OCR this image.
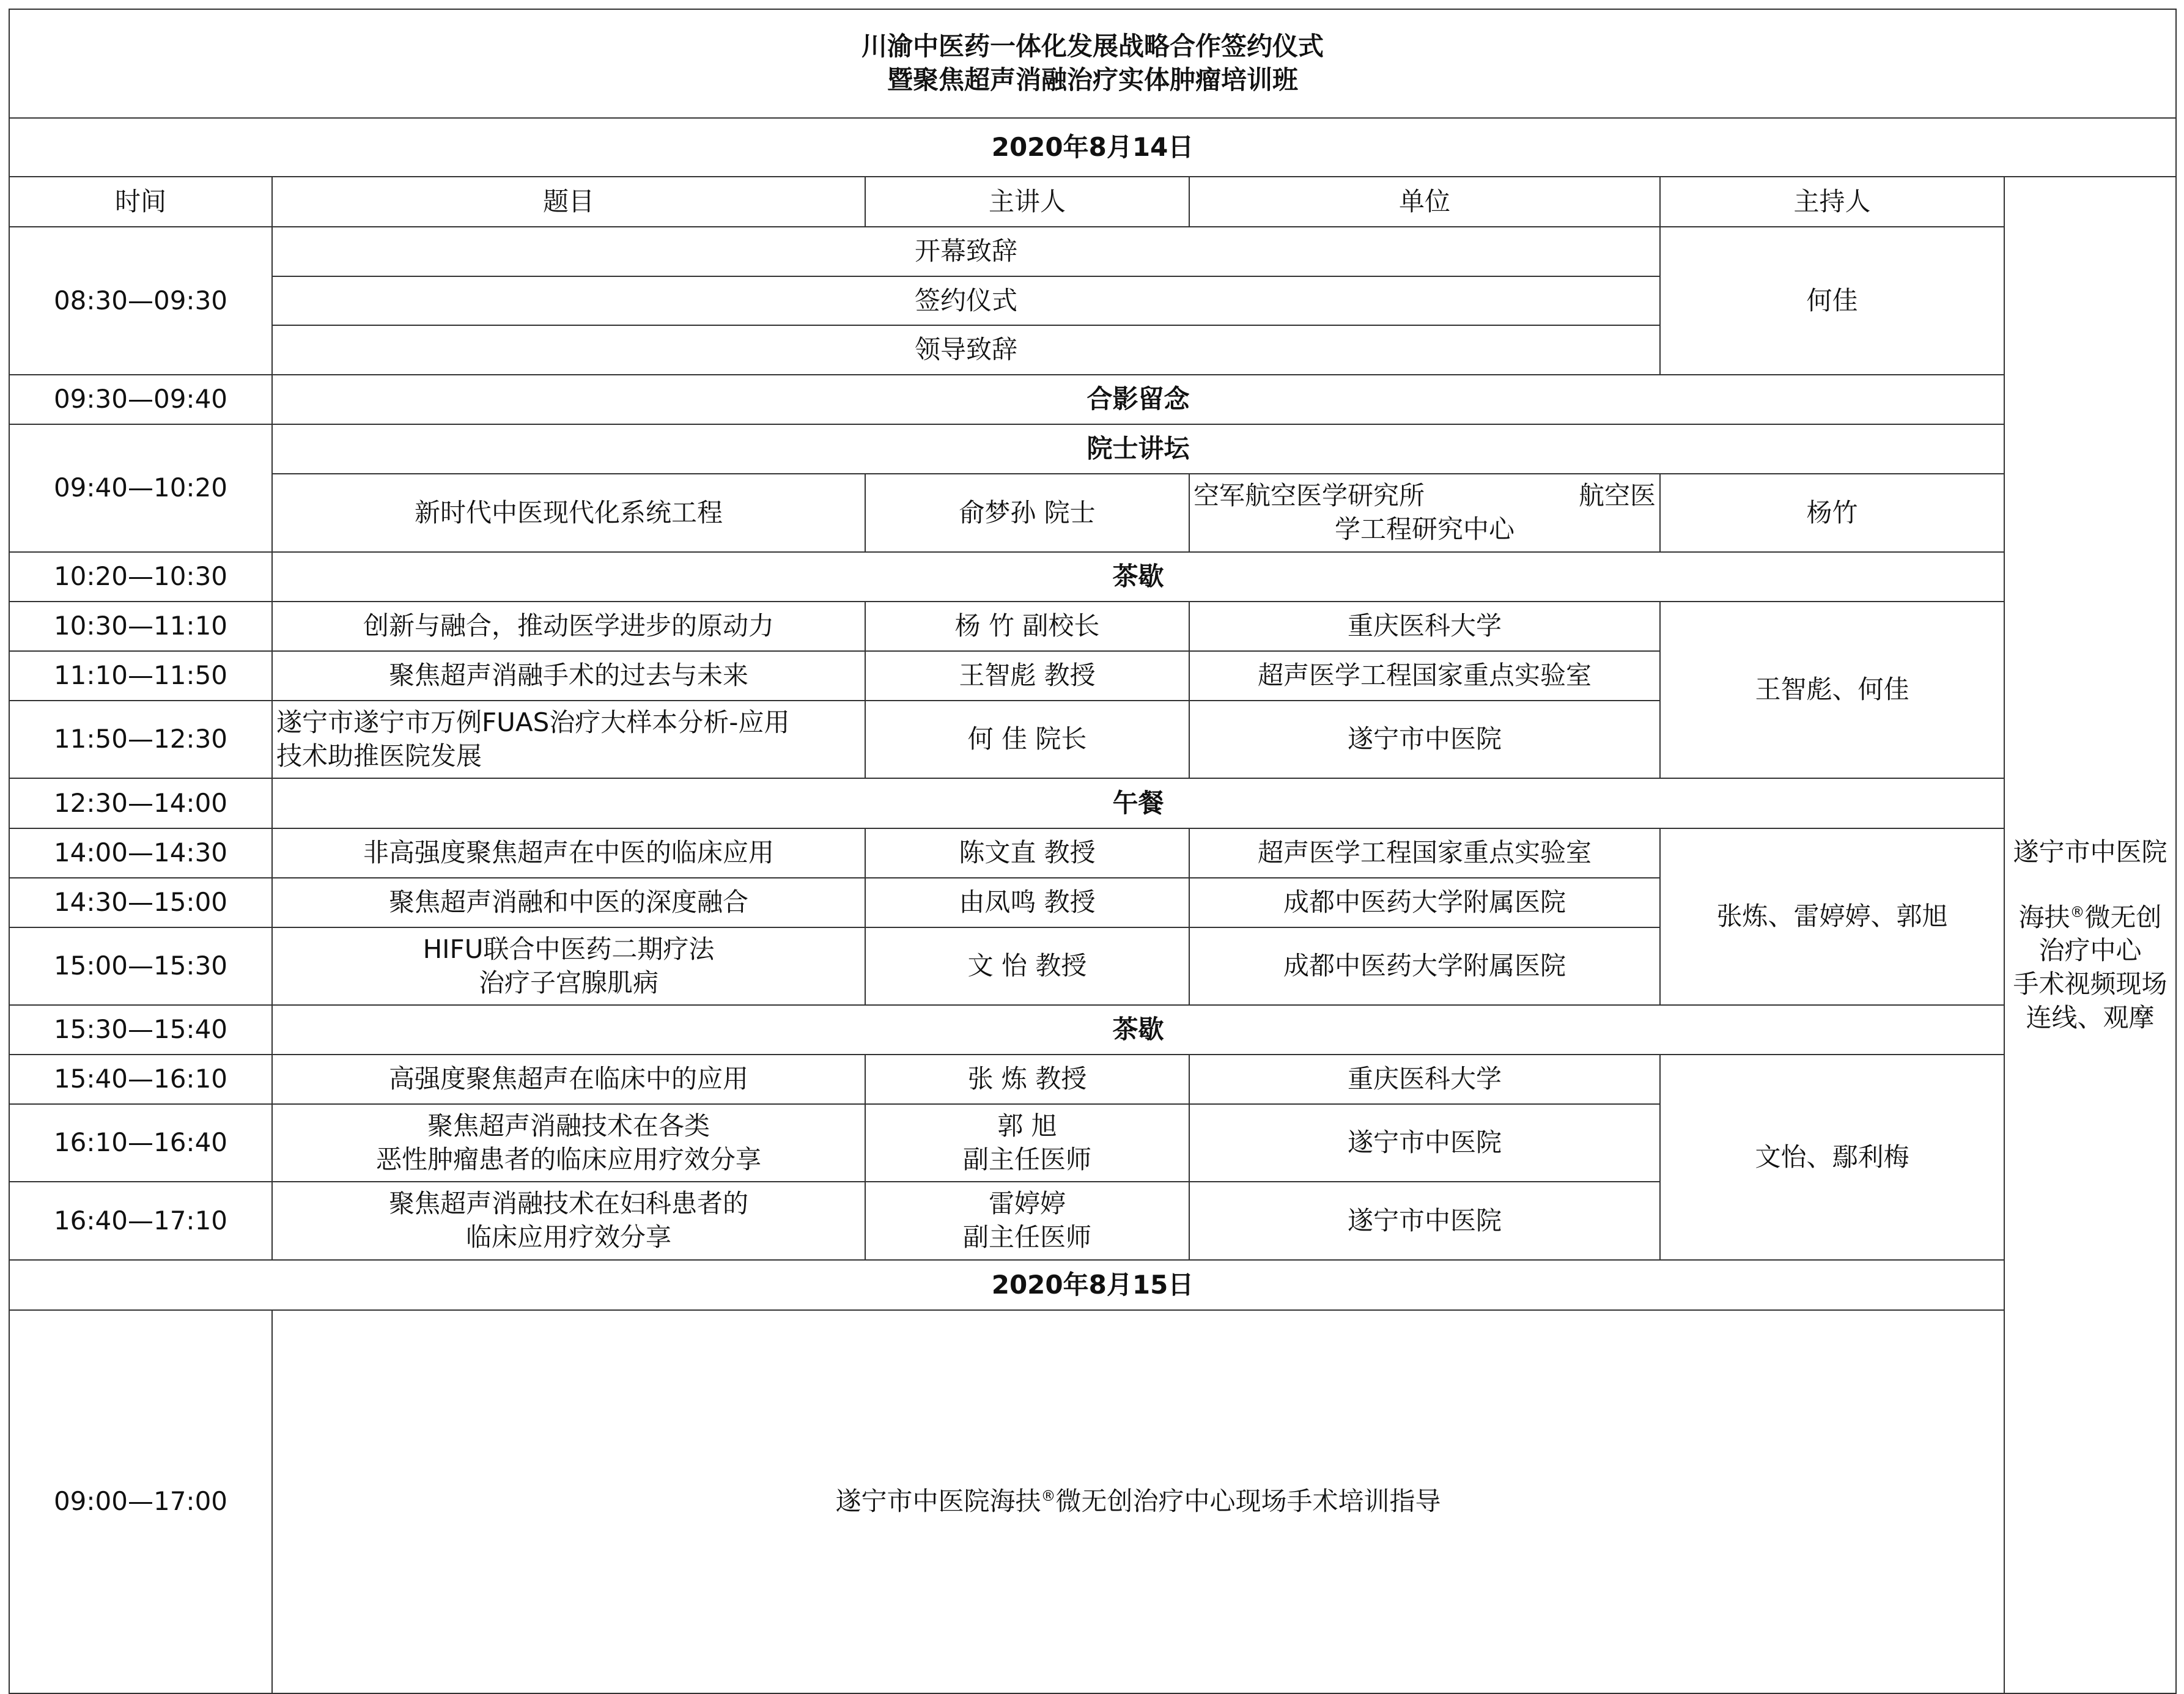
川渝中医药一体化发展战略合作签约仪式
暨聚焦超声消融治疗实体肿瘤培训班						

2020年8月14日						
时间	题目	主讲人	单位	主持人	遂宁市中医院
海扶®微无创
治疗中心
手术视频现场
连线、观摩	

08:30—09:30	开幕致辞			何佳		
	签约仪式					
	领导致辞					
09:30—09:40	合影留念					
09:40—10:20	院士讲坛					
	新时代中医现代化系统工程	俞梦孙 院士	空军航空医学研究所 航空医
学工程研究中心	杨竹		
10:20—10:30	茶歇					
10:30—11:10	创新与融合，推动医学进步的原动力	杨 竹 副校长	重庆医科大学	王智彪、何佳		
11:10—11:50	聚焦超声消融手术的过去与未来	王智彪 教授	超声医学工程国家重点实验室			
11:50—12:30	遂宁市遂宁市万例FUAS治疗大样本分析-应用
技术助推医院发展	何 佳 院长	遂宁市中医院			
12:30—14:00	午餐					
14:00—14:30	非高强度聚焦超声在中医的临床应用	陈文直 教授	超声医学工程国家重点实验室	张炼、雷婷婷、郭旭		
14:30—15:00	聚焦超声消融和中医的深度融合	由凤鸣 教授	成都中医药大学附属医院			
15:00—15:30	HIFU联合中医药二期疗法
治疗子宫腺肌病	文 怡 教授	成都中医药大学附属医院			
15:30—15:40	茶歇					
15:40—16:10	高强度聚焦超声在临床中的应用	张 炼 教授	重庆医科大学	文怡、鄢利梅		
16:10—16:40	聚焦超声消融技术在各类
恶性肿瘤患者的临床应用疗效分享	郭 旭
副主任医师	遂宁市中医院			
16:40—17:10	聚焦超声消融技术在妇科患者的
临床应用疗效分享	雷婷婷
副主任医师	遂宁市中医院			
2020年8月15日						
09:00—17:00	遂宁市中医院海扶®微无创治疗中心现场手术培训指导	
